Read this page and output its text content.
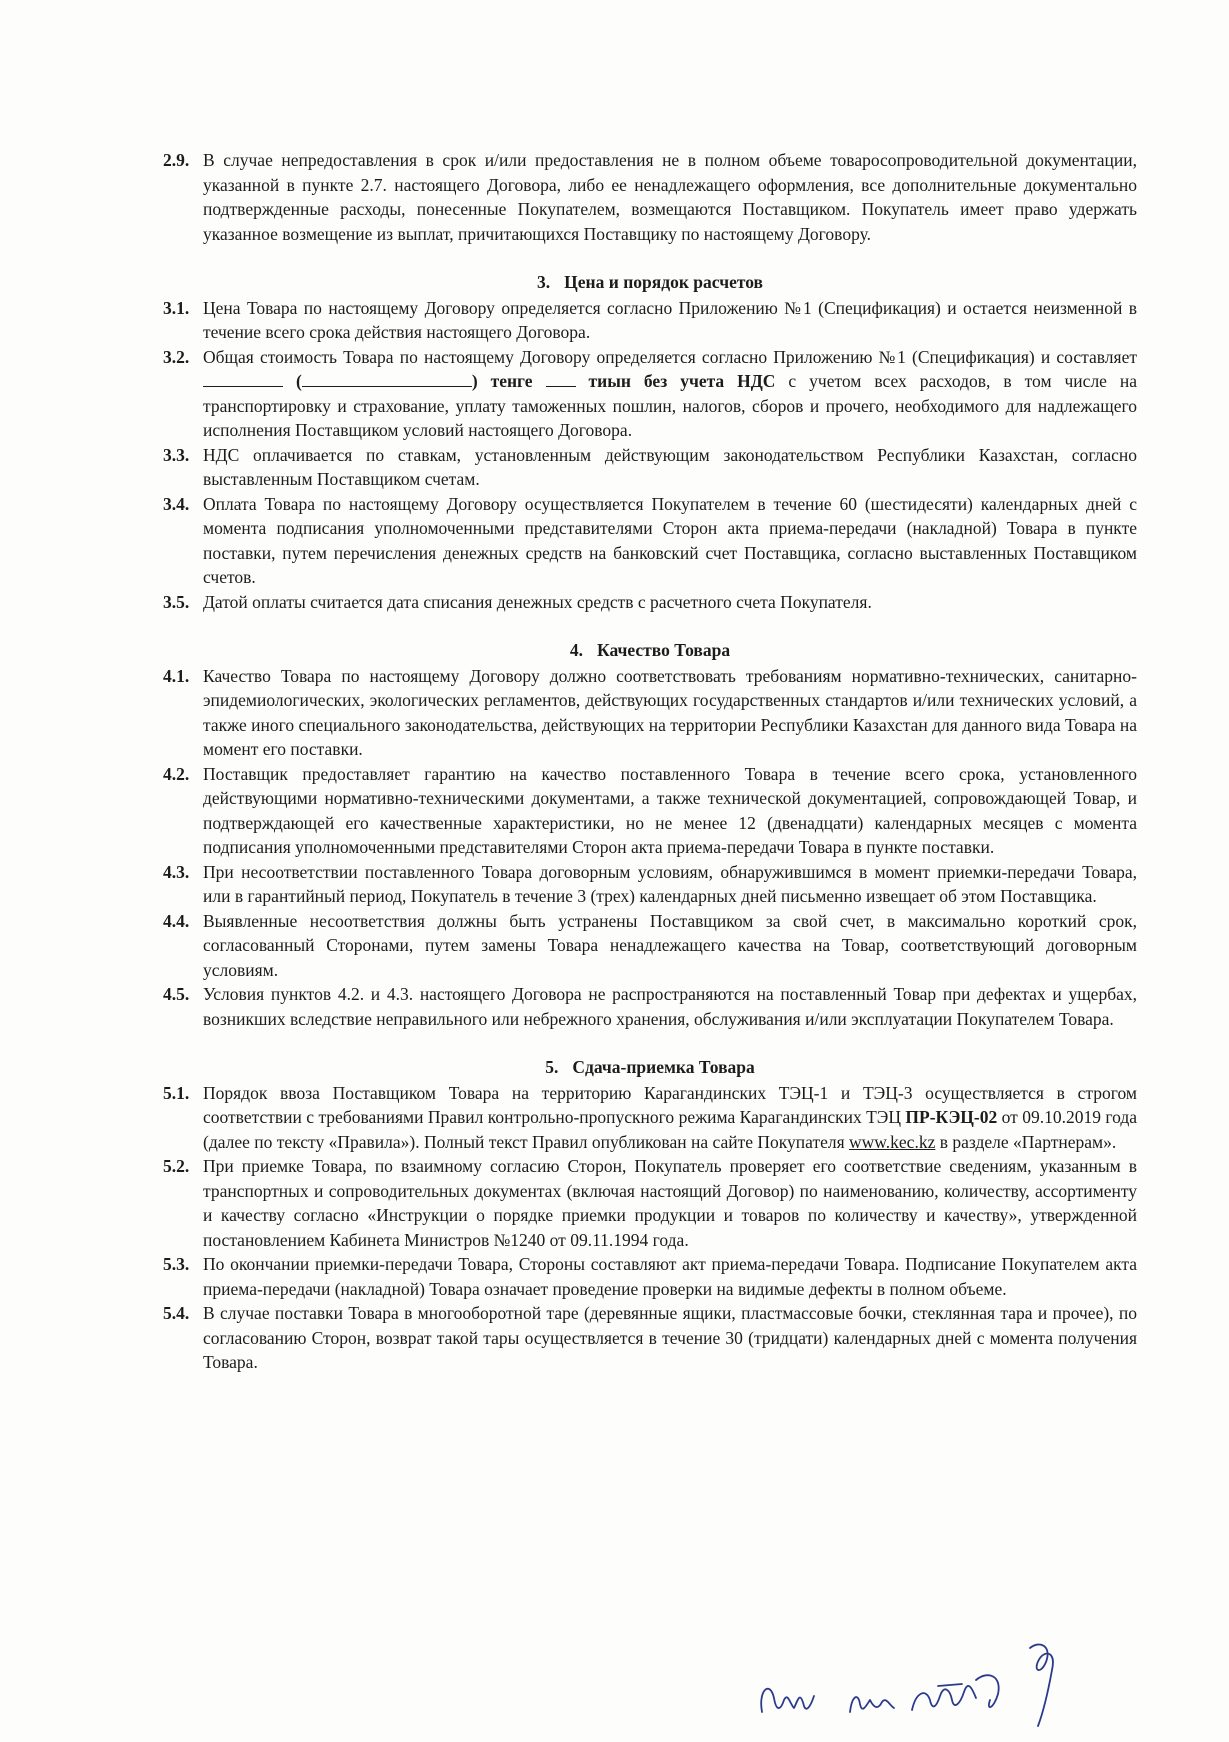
2.9. В случае непредоставления в срок и/или предоставления не в полном объеме товаросопроводительной документации, указанной в пункте 2.7. настоящего Договора, либо ее ненадлежащего оформления, все дополнительные документально подтвержденные расходы, понесенные Покупателем, возмещаются Поставщиком. Покупатель имеет право удержать указанное возмещение из выплат, причитающихся Поставщику по настоящему Договору.
3. Цена и порядок расчетов
3.1. Цена Товара по настоящему Договору определяется согласно Приложению №1 (Спецификация) и остается неизменной в течение всего срока действия настоящего Договора.
3.2. Общая стоимость Товара по настоящему Договору определяется согласно Приложению №1 (Спецификация) и составляет  (	) тенге	тиын без учета НДС с учетом всех расходов, в том числе на транспортировку и страхование, уплату таможенных пошлин, налогов, сборов и прочего, необходимого для надлежащего исполнения Поставщиком условий настоящего Договора.
3.3. НДС оплачивается по ставкам, установленным действующим законодательством Республики Казахстан, согласно выставленным Поставщиком счетам.
3.4. Оплата Товара по настоящему Договору осуществляется Покупателем в течение 60 (шестидесяти) календарных дней с момента подписания уполномоченными представителями Сторон акта приема-передачи (накладной) Товара в пункте поставки, путем перечисления денежных средств на банковский счет Поставщика, согласно выставленных Поставщиком счетов.
3.5. Датой оплаты считается дата списания денежных средств с расчетного счета Покупателя.
4. Качество Товара
4.1. Качество Товара по настоящему Договору должно соответствовать требованиям нормативно-технических, санитарно-эпидемиологических, экологических регламентов, действующих государственных стандартов и/или технических условий, а также иного специального законодательства, действующих на территории Республики Казахстан для данного вида Товара на момент его поставки.
4.2. Поставщик предоставляет гарантию на качество поставленного Товара в течение всего срока, установленного действующими нормативно-техническими документами, а также технической документацией, сопровождающей Товар, и подтверждающей его качественные характеристики, но не менее 12 (двенадцати) календарных месяцев с момента подписания уполномоченными представителями Сторон акта приема-передачи Товара в пункте поставки.
4.3. При несоответствии поставленного Товара договорным условиям, обнаружившимся в момент приемки-передачи Товара, или в гарантийный период, Покупатель в течение 3 (трех) календарных дней письменно извещает об этом Поставщика.
4.4. Выявленные несоответствия должны быть устранены Поставщиком за свой счет, в максимально короткий срок, согласованный Сторонами, путем замены Товара ненадлежащего качества на Товар, соответствующий договорным условиям.
4.5. Условия пунктов 4.2. и 4.3. настоящего Договора не распространяются на поставленный Товар при дефектах и ущербах, возникших вследствие неправильного или небрежного хранения, обслуживания и/или эксплуатации Покупателем Товара.
5. Сдача-приемка Товара
5.1. Порядок ввоза Поставщиком Товара на территорию Карагандинских ТЭЦ-1 и ТЭЦ-3 осуществляется в строгом соответствии с требованиями Правил контрольно-пропускного режима Карагандинских ТЭЦ ПР-КЭЦ-02 от 09.10.2019 года (далее по тексту «Правила»). Полный текст Правил опубликован на сайте Покупателя www.kec.kz в разделе «Партнерам».
5.2. При приемке Товара, по взаимному согласию Сторон, Покупатель проверяет его соответствие сведениям, указанным в транспортных и сопроводительных документах (включая настоящий Договор) по наименованию, количеству, ассортименту и качеству согласно «Инструкции о порядке приемки продукции и товаров по количеству и качеству», утвержденной постановлением Кабинета Министров №1240 от 09.11.1994 года.
5.3. По окончании приемки-передачи Товара, Стороны составляют акт приема-передачи Товара. Подписание Покупателем акта приема-передачи (накладной) Товара означает проведение проверки на видимые дефекты в полном объеме.
5.4. В случае поставки Товара в многооборотной таре (деревянные ящики, пластмассовые бочки, стеклянная тара и прочее), по согласованию Сторон, возврат такой тары осуществляется в течение 30 (тридцати) календарных дней с момента получения Товара.
